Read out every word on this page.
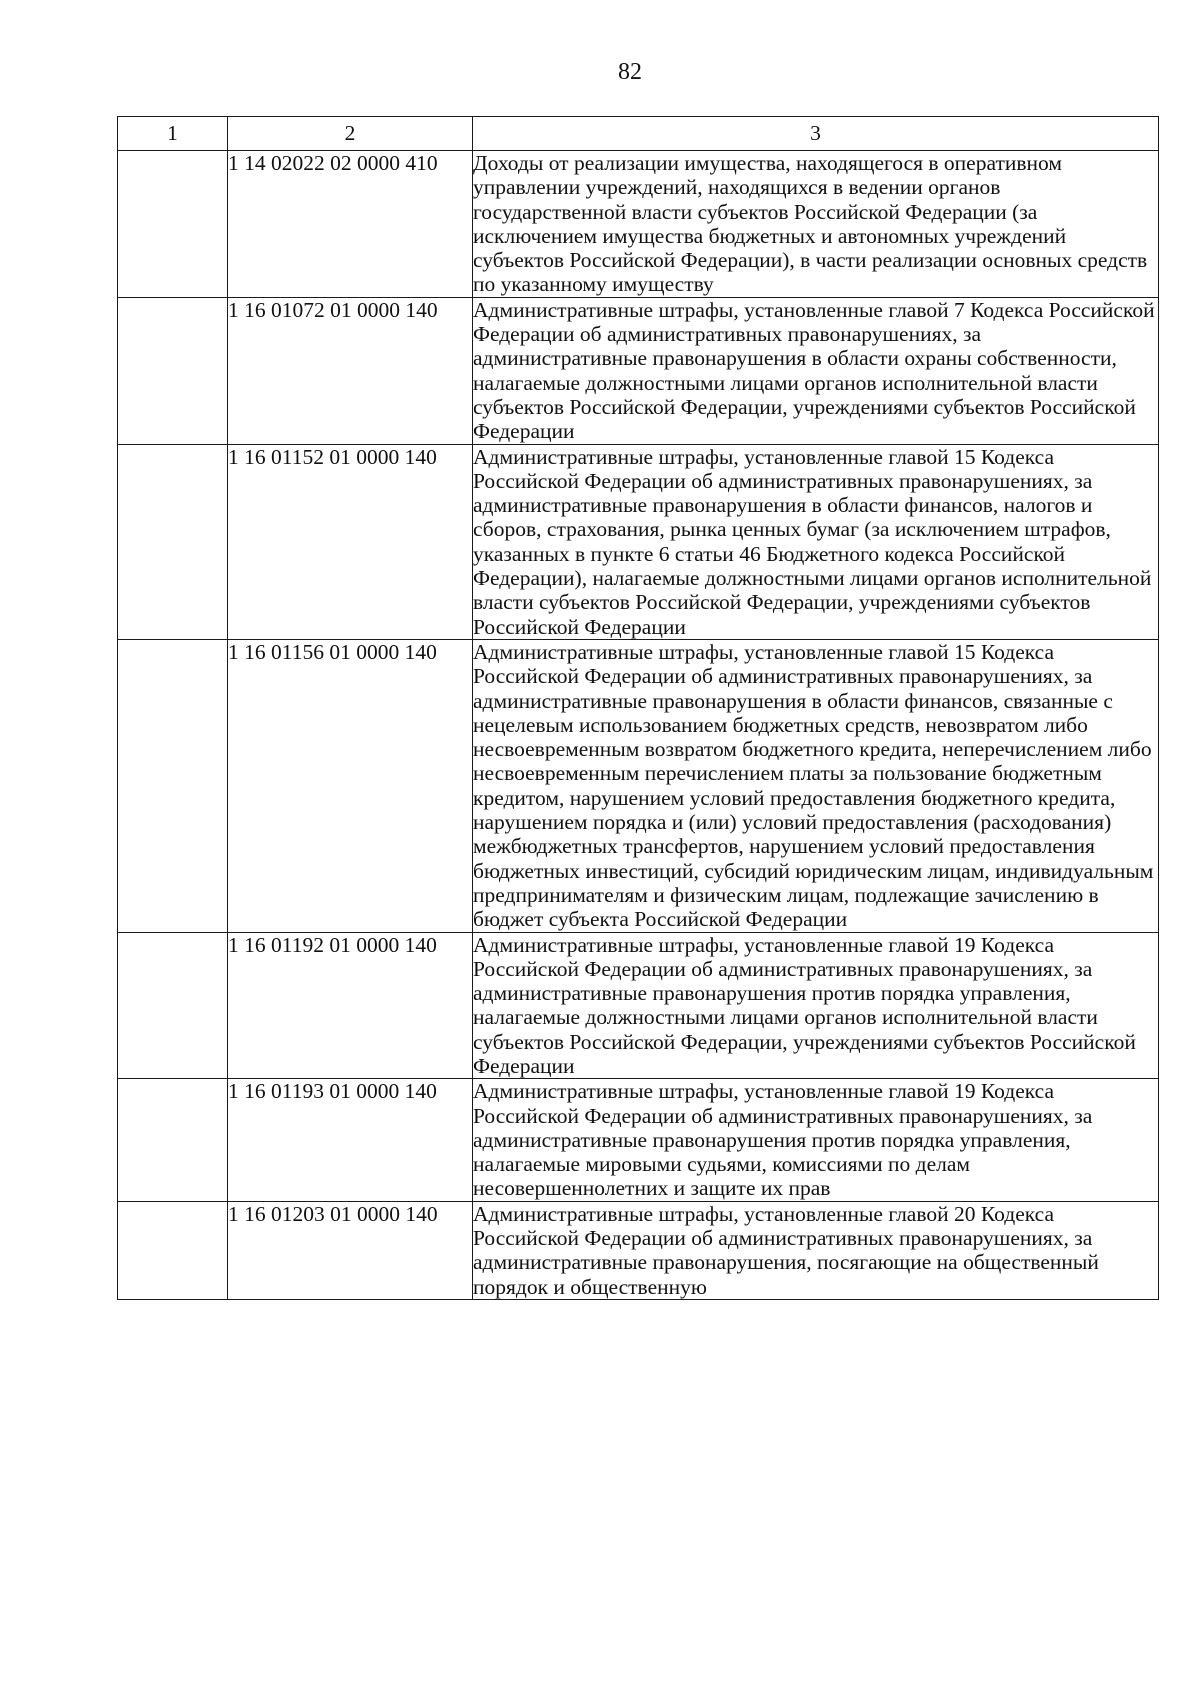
82
1	2	3
	1 14 02022 02 0000 410	Доходы от реализации имущества, находящегося в оперативном управлении учреждений, находящихся в ведении органов государственной власти субъектов Российской Федерации (за исключением имущества бюджетных и автономных учреждений субъектов Российской Федерации), в части реализации основных средств по указанному имуществу
	1 16 01072 01 0000 140	Административные штрафы, установленные главой 7 Кодекса Российской Федерации об административных правонарушениях, за административные правонарушения в области охраны собственности, налагаемые должностными лицами органов исполнительной власти субъектов Российской Федерации, учреждениями субъектов Российской Федерации
	1 16 01152 01 0000 140	Административные штрафы, установленные главой 15 Кодекса Российской Федерации об административных правонарушениях, за административные правонарушения в области финансов, налогов и сборов, страхования, рынка ценных бумаг (за исключением штрафов, указанных в пункте 6 статьи 46 Бюджетного кодекса Российской Федерации), налагаемые должностными лицами органов исполнительной власти субъектов Российской Федерации, учреждениями субъектов Российской Федерации
	1 16 01156 01 0000 140	Административные штрафы, установленные главой 15 Кодекса Российской Федерации об административных правонарушениях, за административные правонарушения в области финансов, связанные с нецелевым использованием бюджетных средств, невозвратом либо несвоевременным возвратом бюджетного кредита, неперечислением либо несвоевременным перечислением платы за пользование бюджетным кредитом, нарушением условий предоставления бюджетного кредита, нарушением порядка и (или) условий предоставления (расходования) межбюджетных трансфертов, нарушением условий предоставления бюджетных инвестиций, субсидий юридическим лицам, индивидуальным предпринимателям и физическим лицам, подлежащие зачислению в бюджет субъекта Российской Федерации
	1 16 01192 01 0000 140	Административные штрафы, установленные главой 19 Кодекса Российской Федерации об административных правонарушениях, за административные правонарушения против порядка управления, налагаемые должностными лицами органов исполнительной власти субъектов Российской Федерации, учреждениями субъектов Российской Федерации
	1 16 01193 01 0000 140	Административные штрафы, установленные главой 19 Кодекса Российской Федерации об административных правонарушениях, за административные правонарушения против порядка управления, налагаемые мировыми судьями, комиссиями по делам несовершеннолетних и защите их прав
	1 16 01203 01 0000 140	Административные штрафы, установленные главой 20 Кодекса Российской Федерации об административных правонарушениях, за административные правонарушения, посягающие на общественный порядок и общественную
